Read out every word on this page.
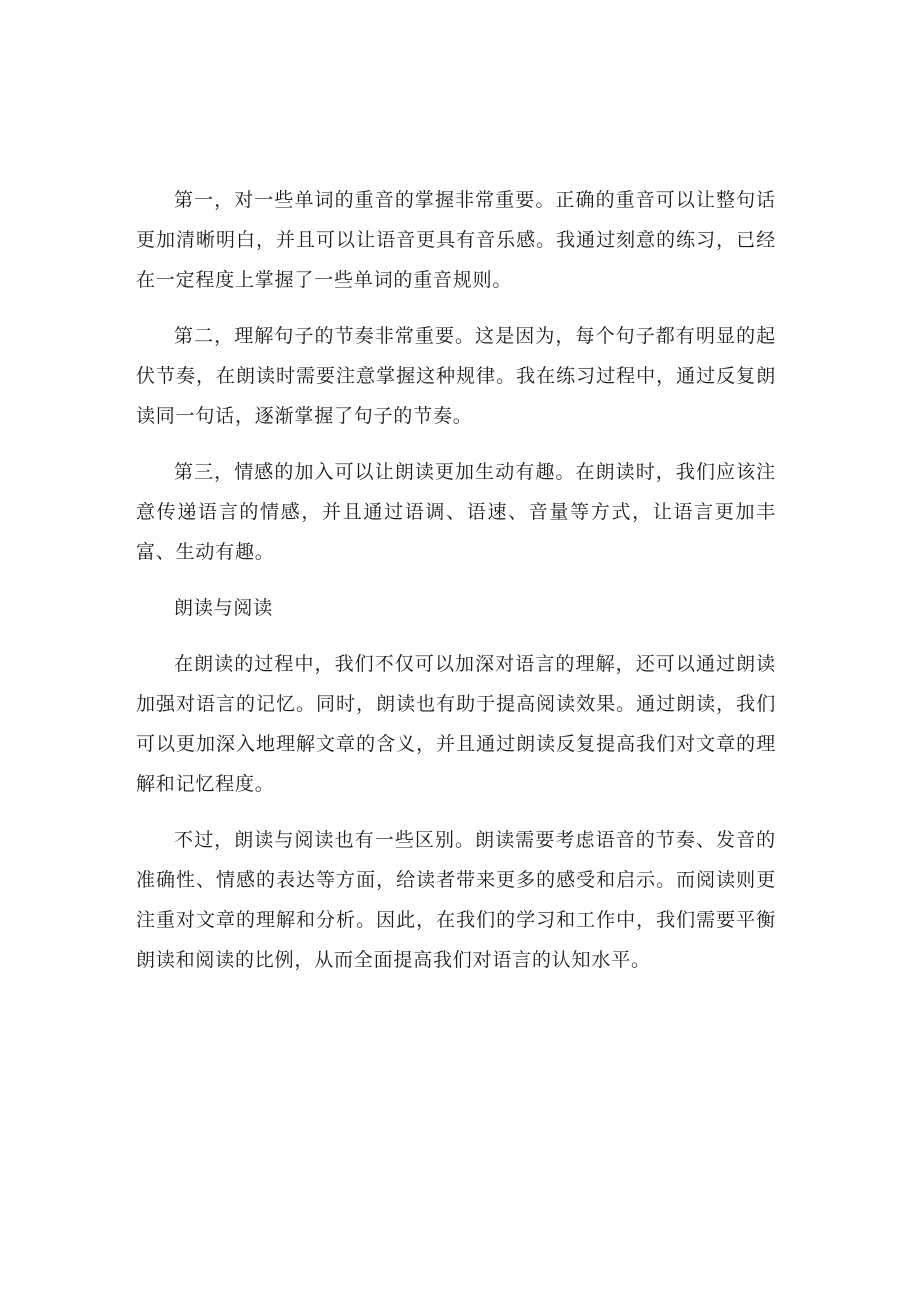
第一，对一些单词的重音的掌握非常重要。正确的重音可以让整句话更加清晰明白，并且可以让语音更具有音乐感。我通过刻意的练习，已经在一定程度上掌握了一些单词的重音规则。

第二，理解句子的节奏非常重要。这是因为，每个句子都有明显的起伏节奏，在朗读时需要注意掌握这种规律。我在练习过程中，通过反复朗读同一句话，逐渐掌握了句子的节奏。

第三，情感的加入可以让朗读更加生动有趣。在朗读时，我们应该注意传递语言的情感，并且通过语调、语速、音量等方式，让语言更加丰富、生动有趣。

朗读与阅读

在朗读的过程中，我们不仅可以加深对语言的理解，还可以通过朗读加强对语言的记忆。同时，朗读也有助于提高阅读效果。通过朗读，我们可以更加深入地理解文章的含义，并且通过朗读反复提高我们对文章的理解和记忆程度。

不过，朗读与阅读也有一些区别。朗读需要考虑语音的节奏、发音的准确性、情感的表达等方面，给读者带来更多的感受和启示。而阅读则更注重对文章的理解和分析。因此，在我们的学习和工作中，我们需要平衡朗读和阅读的比例，从而全面提高我们对语言的认知水平。
